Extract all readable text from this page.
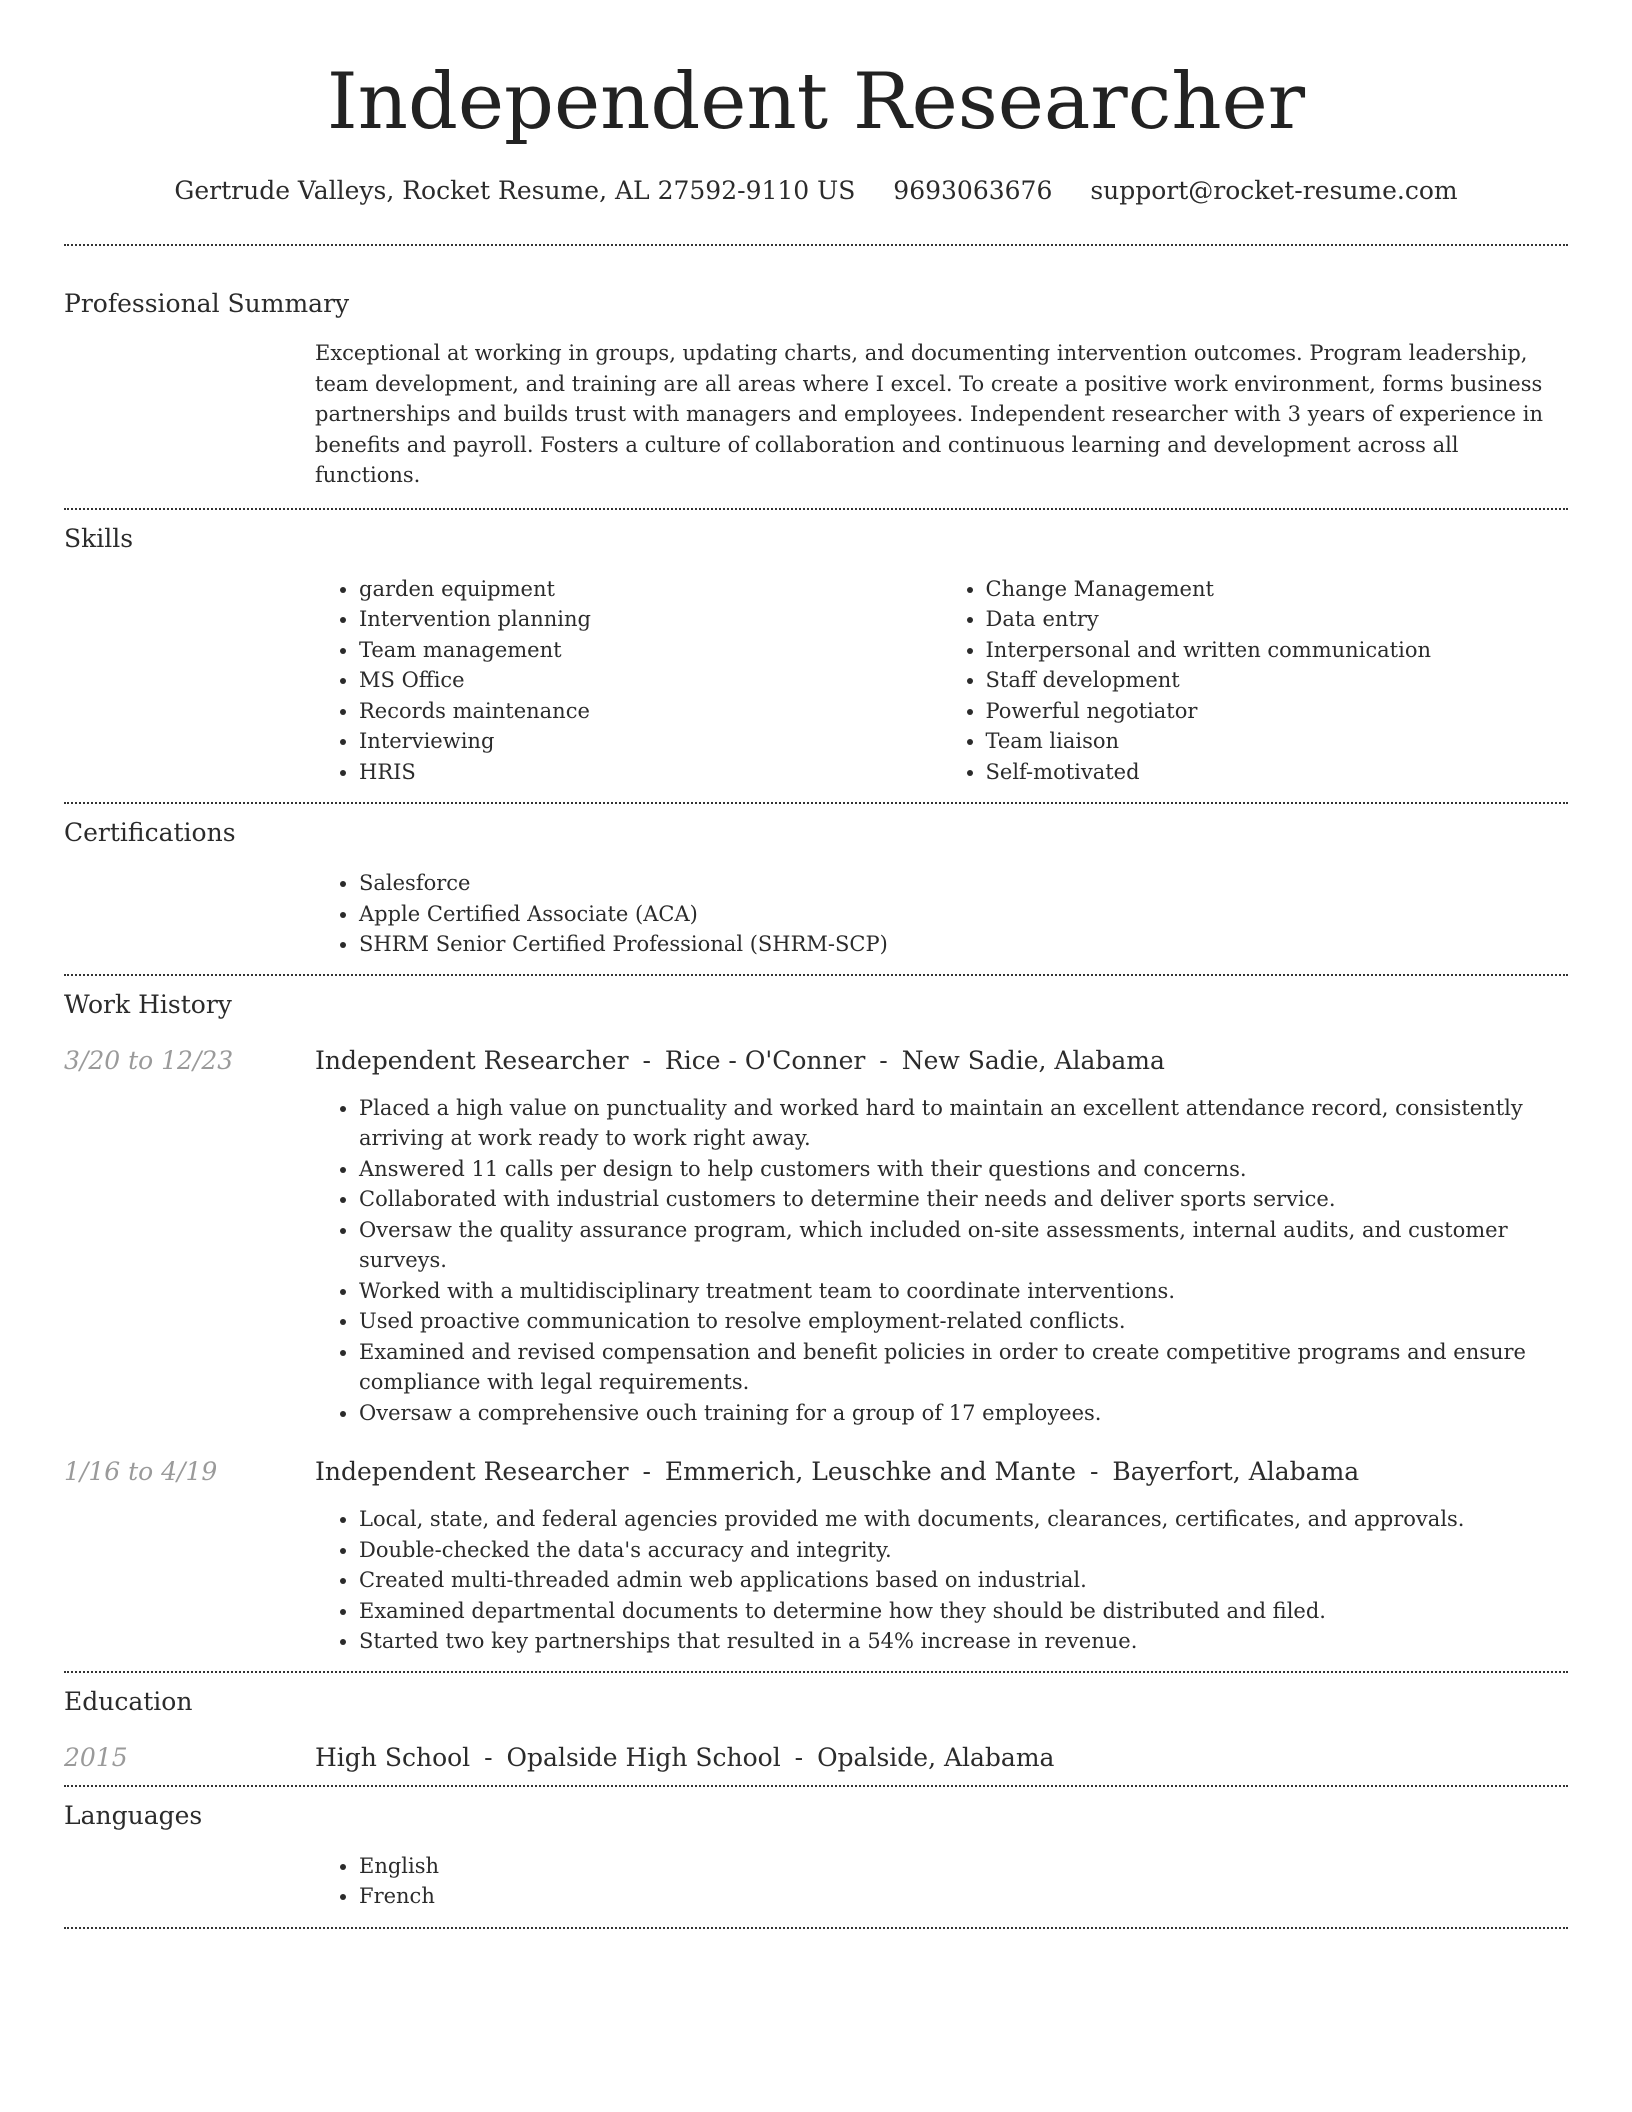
Independent Researcher
Gertrude Valleys, Rocket Resume, AL 27592-9110 US 9693063676 support@rocket-resume.com
Professional Summary
Exceptional at working in groups, updating charts, and documenting intervention outcomes. Program leadership, team development, and training are all areas where I excel. To create a positive work environment, forms business partnerships and builds trust with managers and employees. Independent researcher with 3 years of experience in benefits and payroll. Fosters a culture of collaboration and continuous learning and development across all functions.
Skills
• garden equipment
• Intervention planning
• Team management
• MS Office
• Records maintenance
• Interviewing
• HRIS
• Change Management
• Data entry
• Interpersonal and written communication
• Staff development
• Powerful negotiator
• Team liaison
• Self-motivated
Certifications
• Salesforce
• Apple Certified Associate (ACA)
• SHRM Senior Certified Professional (SHRM-SCP)
Work History
3/20 to 12/23	Independent Researcher - Rice - O'Conner - New Sadie, Alabama
• Placed a high value on punctuality and worked hard to maintain an excellent attendance record, consistently arriving at work ready to work right away.
• Answered 11 calls per design to help customers with their questions and concerns.
• Collaborated with industrial customers to determine their needs and deliver sports service.
• Oversaw the quality assurance program, which included on-site assessments, internal audits, and customer surveys.
• Worked with a multidisciplinary treatment team to coordinate interventions.
• Used proactive communication to resolve employment-related conflicts.
• Examined and revised compensation and benefit policies in order to create competitive programs and ensure compliance with legal requirements.
• Oversaw a comprehensive ouch training for a group of 17 employees.
1/16 to 4/19	Independent Researcher - Emmerich, Leuschke and Mante - Bayerfort, Alabama
• Local, state, and federal agencies provided me with documents, clearances, certificates, and approvals.
• Double-checked the data's accuracy and integrity.
• Created multi-threaded admin web applications based on industrial.
• Examined departmental documents to determine how they should be distributed and filed.
• Started two key partnerships that resulted in a 54% increase in revenue.
Education
2015	High School - Opalside High School - Opalside, Alabama
Languages
• English
• French
